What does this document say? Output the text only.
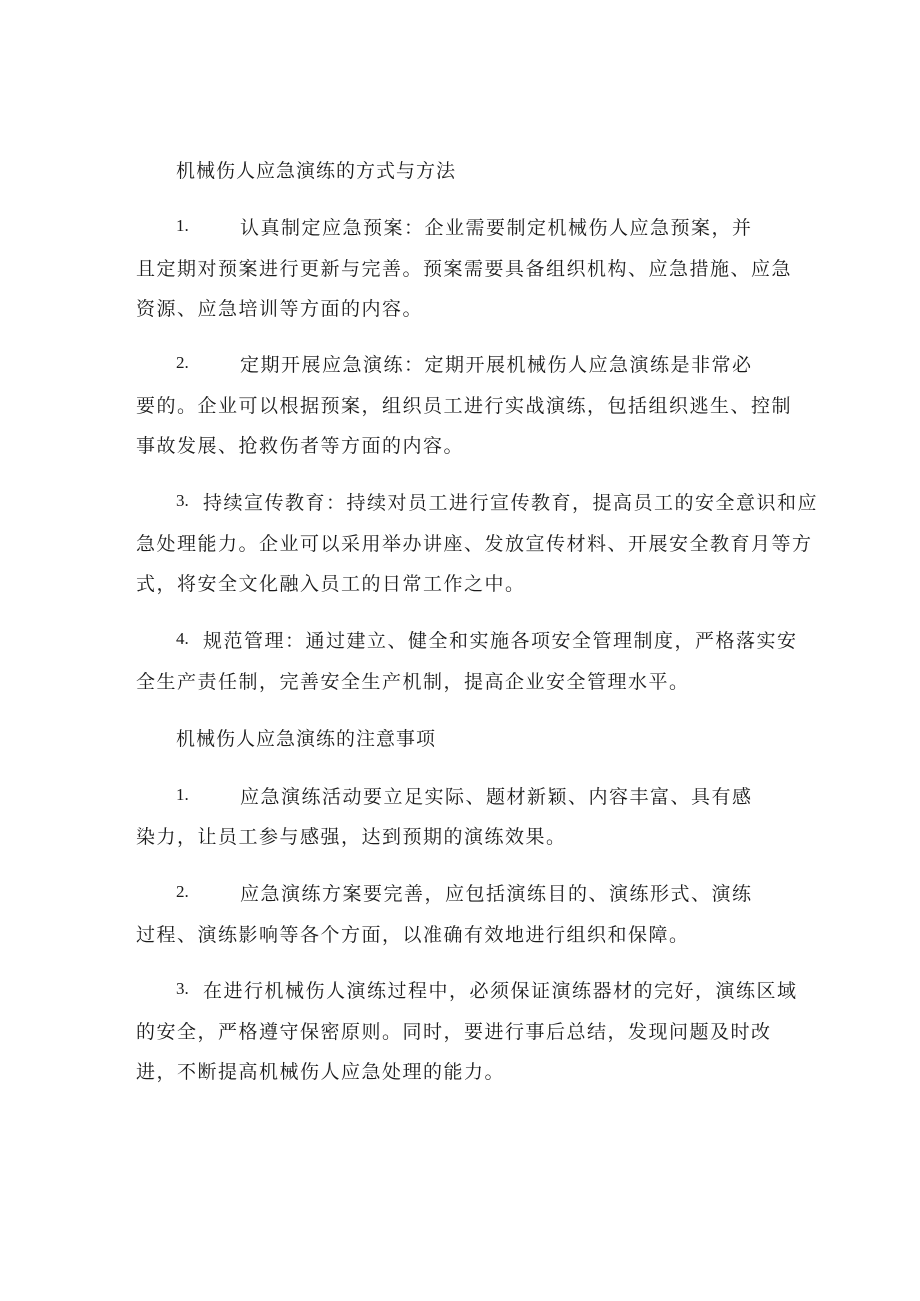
机械伤人应急演练的方式与方法
1.	认真制定应急预案：企业需要制定机械伤人应急预案，并
且定期对预案进行更新与完善。预案需要具备组织机构、应急措施、应急
资源、应急培训等方面的内容。
2.	定期开展应急演练：定期开展机械伤人应急演练是非常必
要的。企业可以根据预案，组织员工进行实战演练，包括组织逃生、控制
事故发展、抢救伤者等方面的内容。
3. 持续宣传教育：持续对员工进行宣传教育，提高员工的安全意识和应
急处理能力。企业可以采用举办讲座、发放宣传材料、开展安全教育月等方
式，将安全文化融入员工的日常工作之中。
4. 规范管理：通过建立、健全和实施各项安全管理制度，严格落实安
全生产责任制，完善安全生产机制，提高企业安全管理水平。
机械伤人应急演练的注意事项
1.	应急演练活动要立足实际、题材新颖、内容丰富、具有感
染力，让员工参与感强，达到预期的演练效果。
2.	应急演练方案要完善，应包括演练目的、演练形式、演练
过程、演练影响等各个方面，以准确有效地进行组织和保障。
3. 在进行机械伤人演练过程中，必须保证演练器材的完好，演练区域
的安全，严格遵守保密原则。同时，要进行事后总结，发现问题及时改
进，不断提高机械伤人应急处理的能力。
